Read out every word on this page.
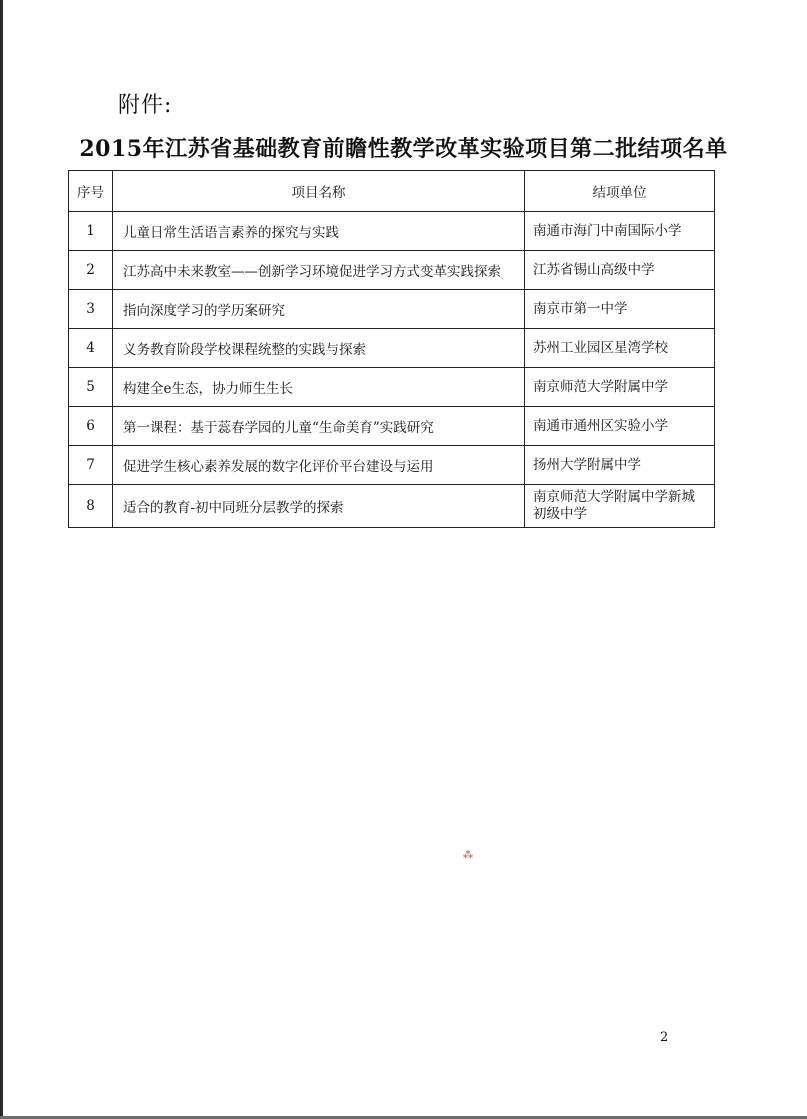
附件:
2015年江苏省基础教育前瞻性教学改革实验项目第二批结项名单
序号	项目名称	结项单位
1	儿童日常生活语言素养的探究与实践	南通市海门中南国际小学
2	江苏高中未来教室——创新学习环境促进学习方式变革实践探索	江苏省锡山高级中学
3	指向深度学习的学历案研究	南京市第一中学
4	义务教育阶段学校课程统整的实践与探索	苏州工业园区星湾学校
5	构建全e生态，协力师生生长	南京师范大学附属中学
6	第一课程：基于蕊春学园的儿童“生命美育”实践研究	南通市通州区实验小学
7	促进学生核心素养发展的数字化评价平台建设与运用	扬州大学附属中学
8	适合的教育-初中同班分层教学的探索	南京师范大学附属中学新城初级中学
⁂
2
